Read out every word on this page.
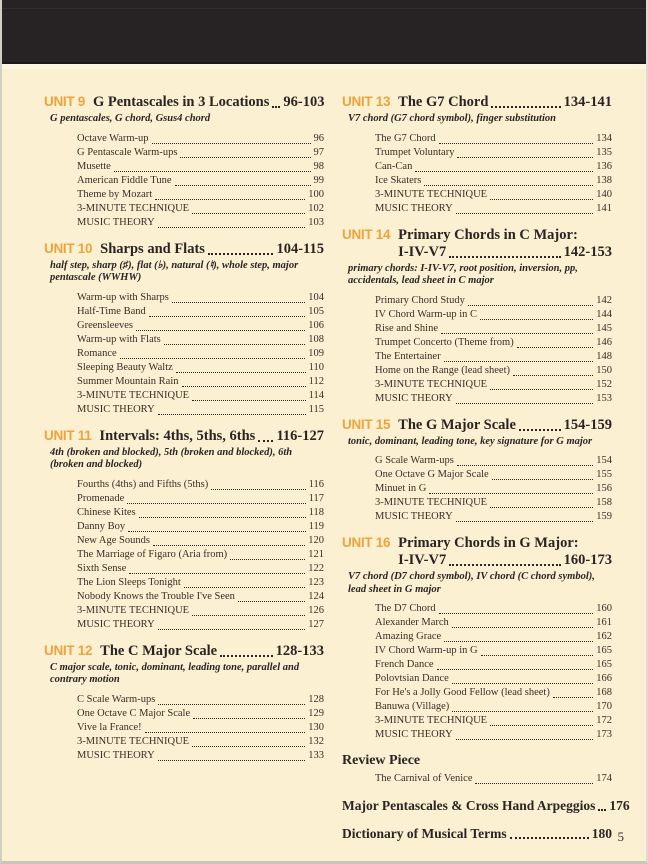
UNIT 9 G Pentascales in 3 Locations 96-103
G pentascales, G chord, Gsus4 chord
Octave Warm-up	96
G Pentascale Warm-ups	97
Musette	98
American Fiddle Tune	99
Theme by Mozart	100
3-MINUTE TECHNIQUE	102
MUSIC THEORY	103
UNIT 10 Sharps and Flats	104-115
half step, sharp (♯), flat (♭), natural (♮), whole step, major pentascale (WWHW)
Warm-up with Sharps	104
Half-Time Band	105
Greensleeves	106
Warm-up with Flats	108
Romance	109
Sleeping Beauty Waltz	110
Summer Mountain Rain	112
3-MINUTE TECHNIQUE	114
MUSIC THEORY	115
UNIT 11 Intervals: 4ths, 5ths, 6ths 116-127
4th (broken and blocked), 5th (broken and blocked), 6th (broken and blocked)
Fourths (4ths) and Fifths (5ths)	116
Promenade	117
Chinese Kites	118
Danny Boy	119
New Age Sounds	120
The Marriage of Figaro (Aria from)	121
Sixth Sense	122
The Lion Sleeps Tonight	123
Nobody Knows the Trouble I've Seen	124
3-MINUTE TECHNIQUE	126
MUSIC THEORY	127
UNIT 12 The C Major Scale	128-133
C major scale, tonic, dominant, leading tone, parallel and contrary motion
C Scale Warm-ups	128
One Octave C Major Scale	129
Vive la France!	130
3-MINUTE TECHNIQUE	132
MUSIC THEORY	133
UNIT 13 The G7 Chord	134-141
V7 chord (G7 chord symbol), finger substitution
The G7 Chord	134
Trumpet Voluntary	135
Can-Can	136
Ice Skaters	138
3-MINUTE TECHNIQUE	140
MUSIC THEORY	141
UNIT 14 Primary Chords in C Major:
I-IV-V7	142-153
primary chords: I-IV-V7, root position, inversion, pp, accidentals, lead sheet in C major
Primary Chord Study	142
IV Chord Warm-up in C	144
Rise and Shine	145
Trumpet Concerto (Theme from)	146
The Entertainer	148
Home on the Range (lead sheet)	150
3-MINUTE TECHNIQUE	152
MUSIC THEORY	153
UNIT 15 The G Major Scale	154-159
tonic, dominant, leading tone, key signature for G major
G Scale Warm-ups	154
One Octave G Major Scale	155
Minuet in G	156
3-MINUTE TECHNIQUE	158
MUSIC THEORY	159
UNIT 16 Primary Chords in G Major:
I-IV-V7	160-173
V7 chord (D7 chord symbol), IV chord (C chord symbol), lead sheet in G major
The D7 Chord	160
Alexander March	161
Amazing Grace	162
IV Chord Warm-up in G	165
French Dance	165
Polovtsian Dance	166
For He's a Jolly Good Fellow (lead sheet)	168
Banuwa (Village)	170
3-MINUTE TECHNIQUE	172
MUSIC THEORY	173
Review Piece
The Carnival of Venice	174
Major Pentascales & Cross Hand Arpeggios 176
Dictionary of Musical Terms	180 5
